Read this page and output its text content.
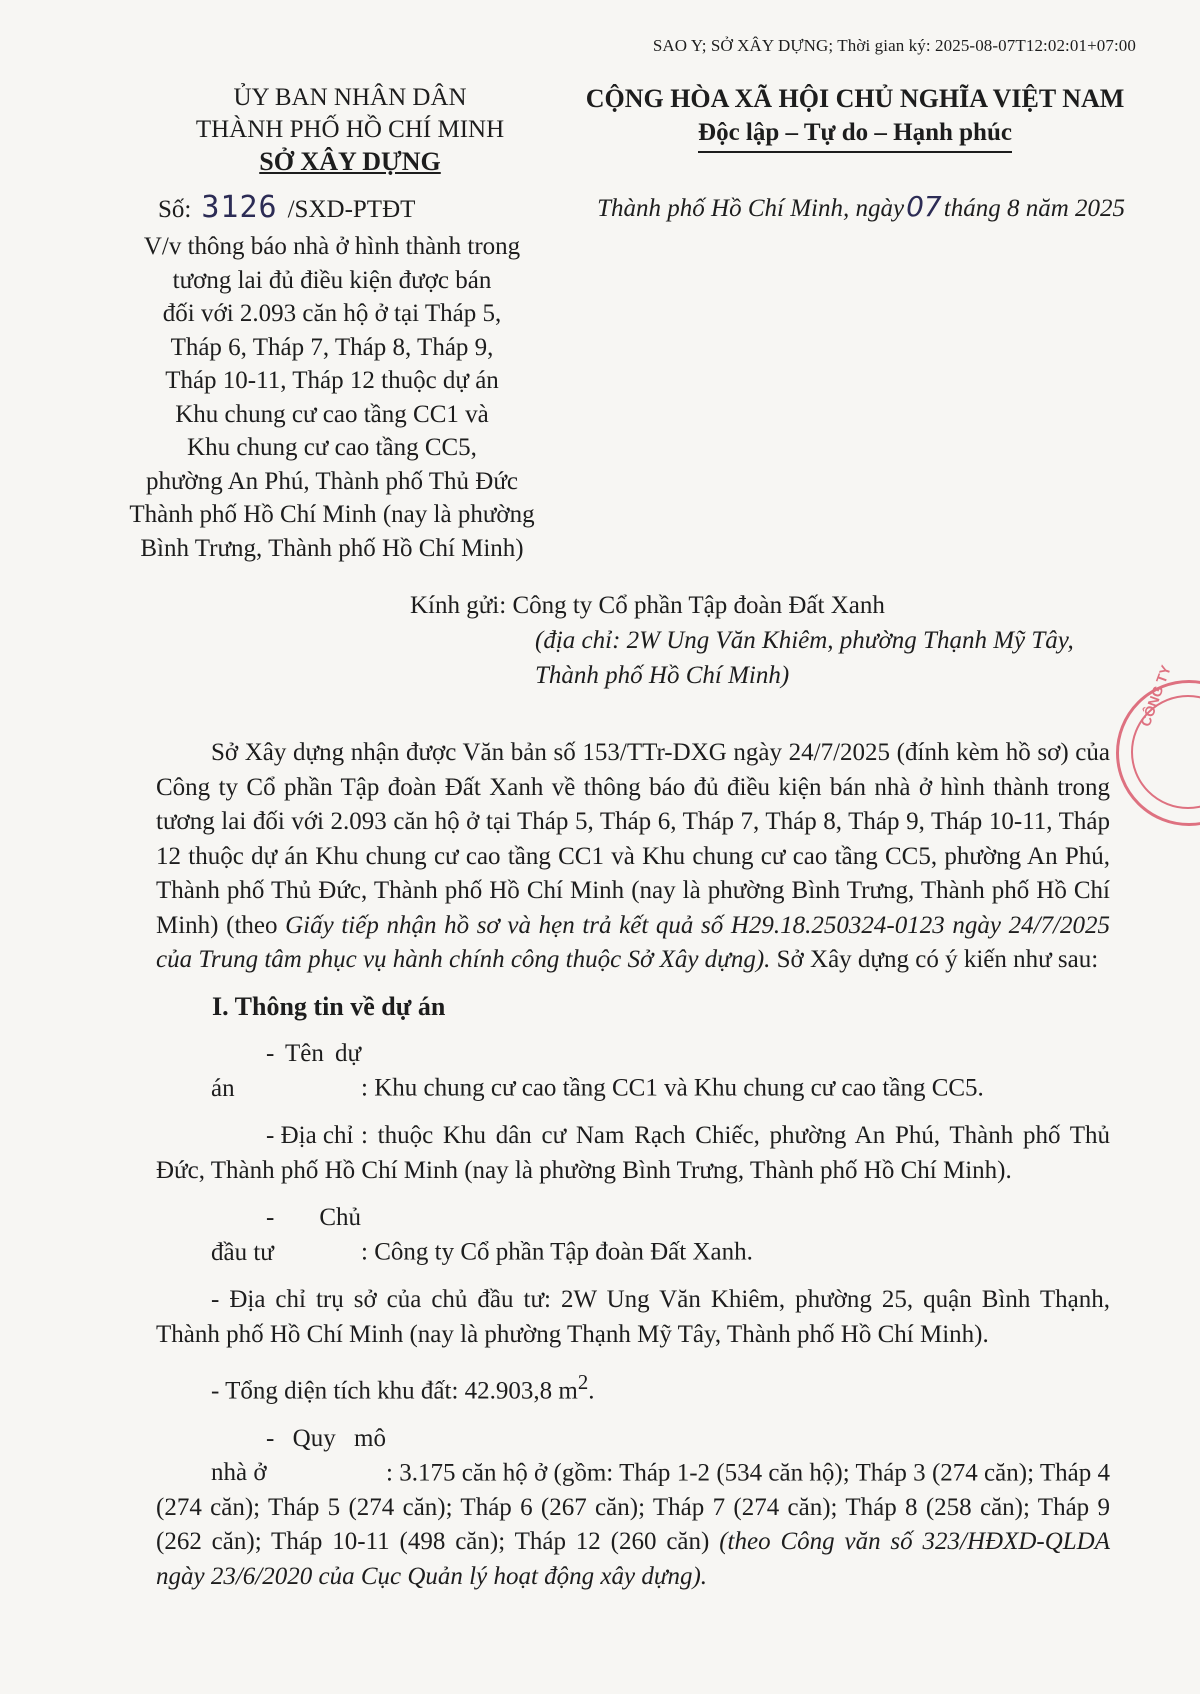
SAO Y; SỞ XÂY DỰNG; Thời gian ký: 2025-08-07T12:02:01+07:00
ỦY BAN NHÂN DÂN
THÀNH PHỐ HỒ CHÍ MINH
SỞ XÂY DỰNG
CỘNG HÒA XÃ HỘI CHỦ NGHĨA VIỆT NAM
Độc lập – Tự do – Hạnh phúc
Số: 3126 /SXD-PTĐT	Thành phố Hồ Chí Minh, ngày07tháng 8 năm 2025
V/v thông báo nhà ở hình thành trong
tương lai đủ điều kiện được bán
đối với 2.093 căn hộ ở tại Tháp 5,
Tháp 6, Tháp 7, Tháp 8, Tháp 9,
Tháp 10-11, Tháp 12 thuộc dự án
Khu chung cư cao tầng CC1 và
Khu chung cư cao tầng CC5,
phường An Phú, Thành phố Thủ Đức
Thành phố Hồ Chí Minh (nay là phường
Bình Trưng, Thành phố Hồ Chí Minh)
Kính gửi: Công ty Cổ phần Tập đoàn Đất Xanh
(địa chỉ: 2W Ung Văn Khiêm, phường Thạnh Mỹ Tây,
Thành phố Hồ Chí Minh)

Sở Xây dựng nhận được Văn bản số 153/TTr-DXG ngày 24/7/2025 (đính kèm hồ sơ) của Công ty Cổ phần Tập đoàn Đất Xanh về thông báo đủ điều kiện bán nhà ở hình thành trong tương lai đối với 2.093 căn hộ ở tại Tháp 5, Tháp 6, Tháp 7, Tháp 8, Tháp 9, Tháp 10-11, Tháp 12 thuộc dự án Khu chung cư cao tầng CC1 và Khu chung cư cao tầng CC5, phường An Phú, Thành phố Thủ Đức, Thành phố Hồ Chí Minh (nay là phường Bình Trưng, Thành phố Hồ Chí Minh) (theo Giấy tiếp nhận hồ sơ và hẹn trả kết quả số H29.18.250324-0123 ngày 24/7/2025 của Trung tâm phục vụ hành chính công thuộc Sở Xây dựng). Sở Xây dựng có ý kiến như sau:

I. Thông tin về dự án

- Tên dự án	: Khu chung cư cao tầng CC1 và Khu chung cư cao tầng CC5.

- Địa chỉ : thuộc Khu dân cư Nam Rạch Chiếc, phường An Phú, Thành phố Thủ Đức, Thành phố Hồ Chí Minh (nay là phường Bình Trưng, Thành phố Hồ Chí Minh).

- Chủ đầu tư	: Công ty Cổ phần Tập đoàn Đất Xanh.

- Địa chỉ trụ sở của chủ đầu tư: 2W Ung Văn Khiêm, phường 25, quận Bình Thạnh, Thành phố Hồ Chí Minh (nay là phường Thạnh Mỹ Tây, Thành phố Hồ Chí Minh).

- Tổng diện tích khu đất: 42.903,8 $m^2$.

- Quy mô nhà ở	: 3.175 căn hộ ở (gồm: Tháp 1-2 (534 căn hộ); Tháp 3 (274 căn); Tháp 4 (274 căn); Tháp 5 (274 căn); Tháp 6 (267 căn); Tháp 7 (274 căn); Tháp 8 (258 căn); Tháp 9 (262 căn); Tháp 10-11 (498 căn); Tháp 12 (260 căn) (theo Công văn số 323/HĐXD-QLDA ngày 23/6/2020 của Cục Quản lý hoạt động xây dựng).

CÔNG TY
